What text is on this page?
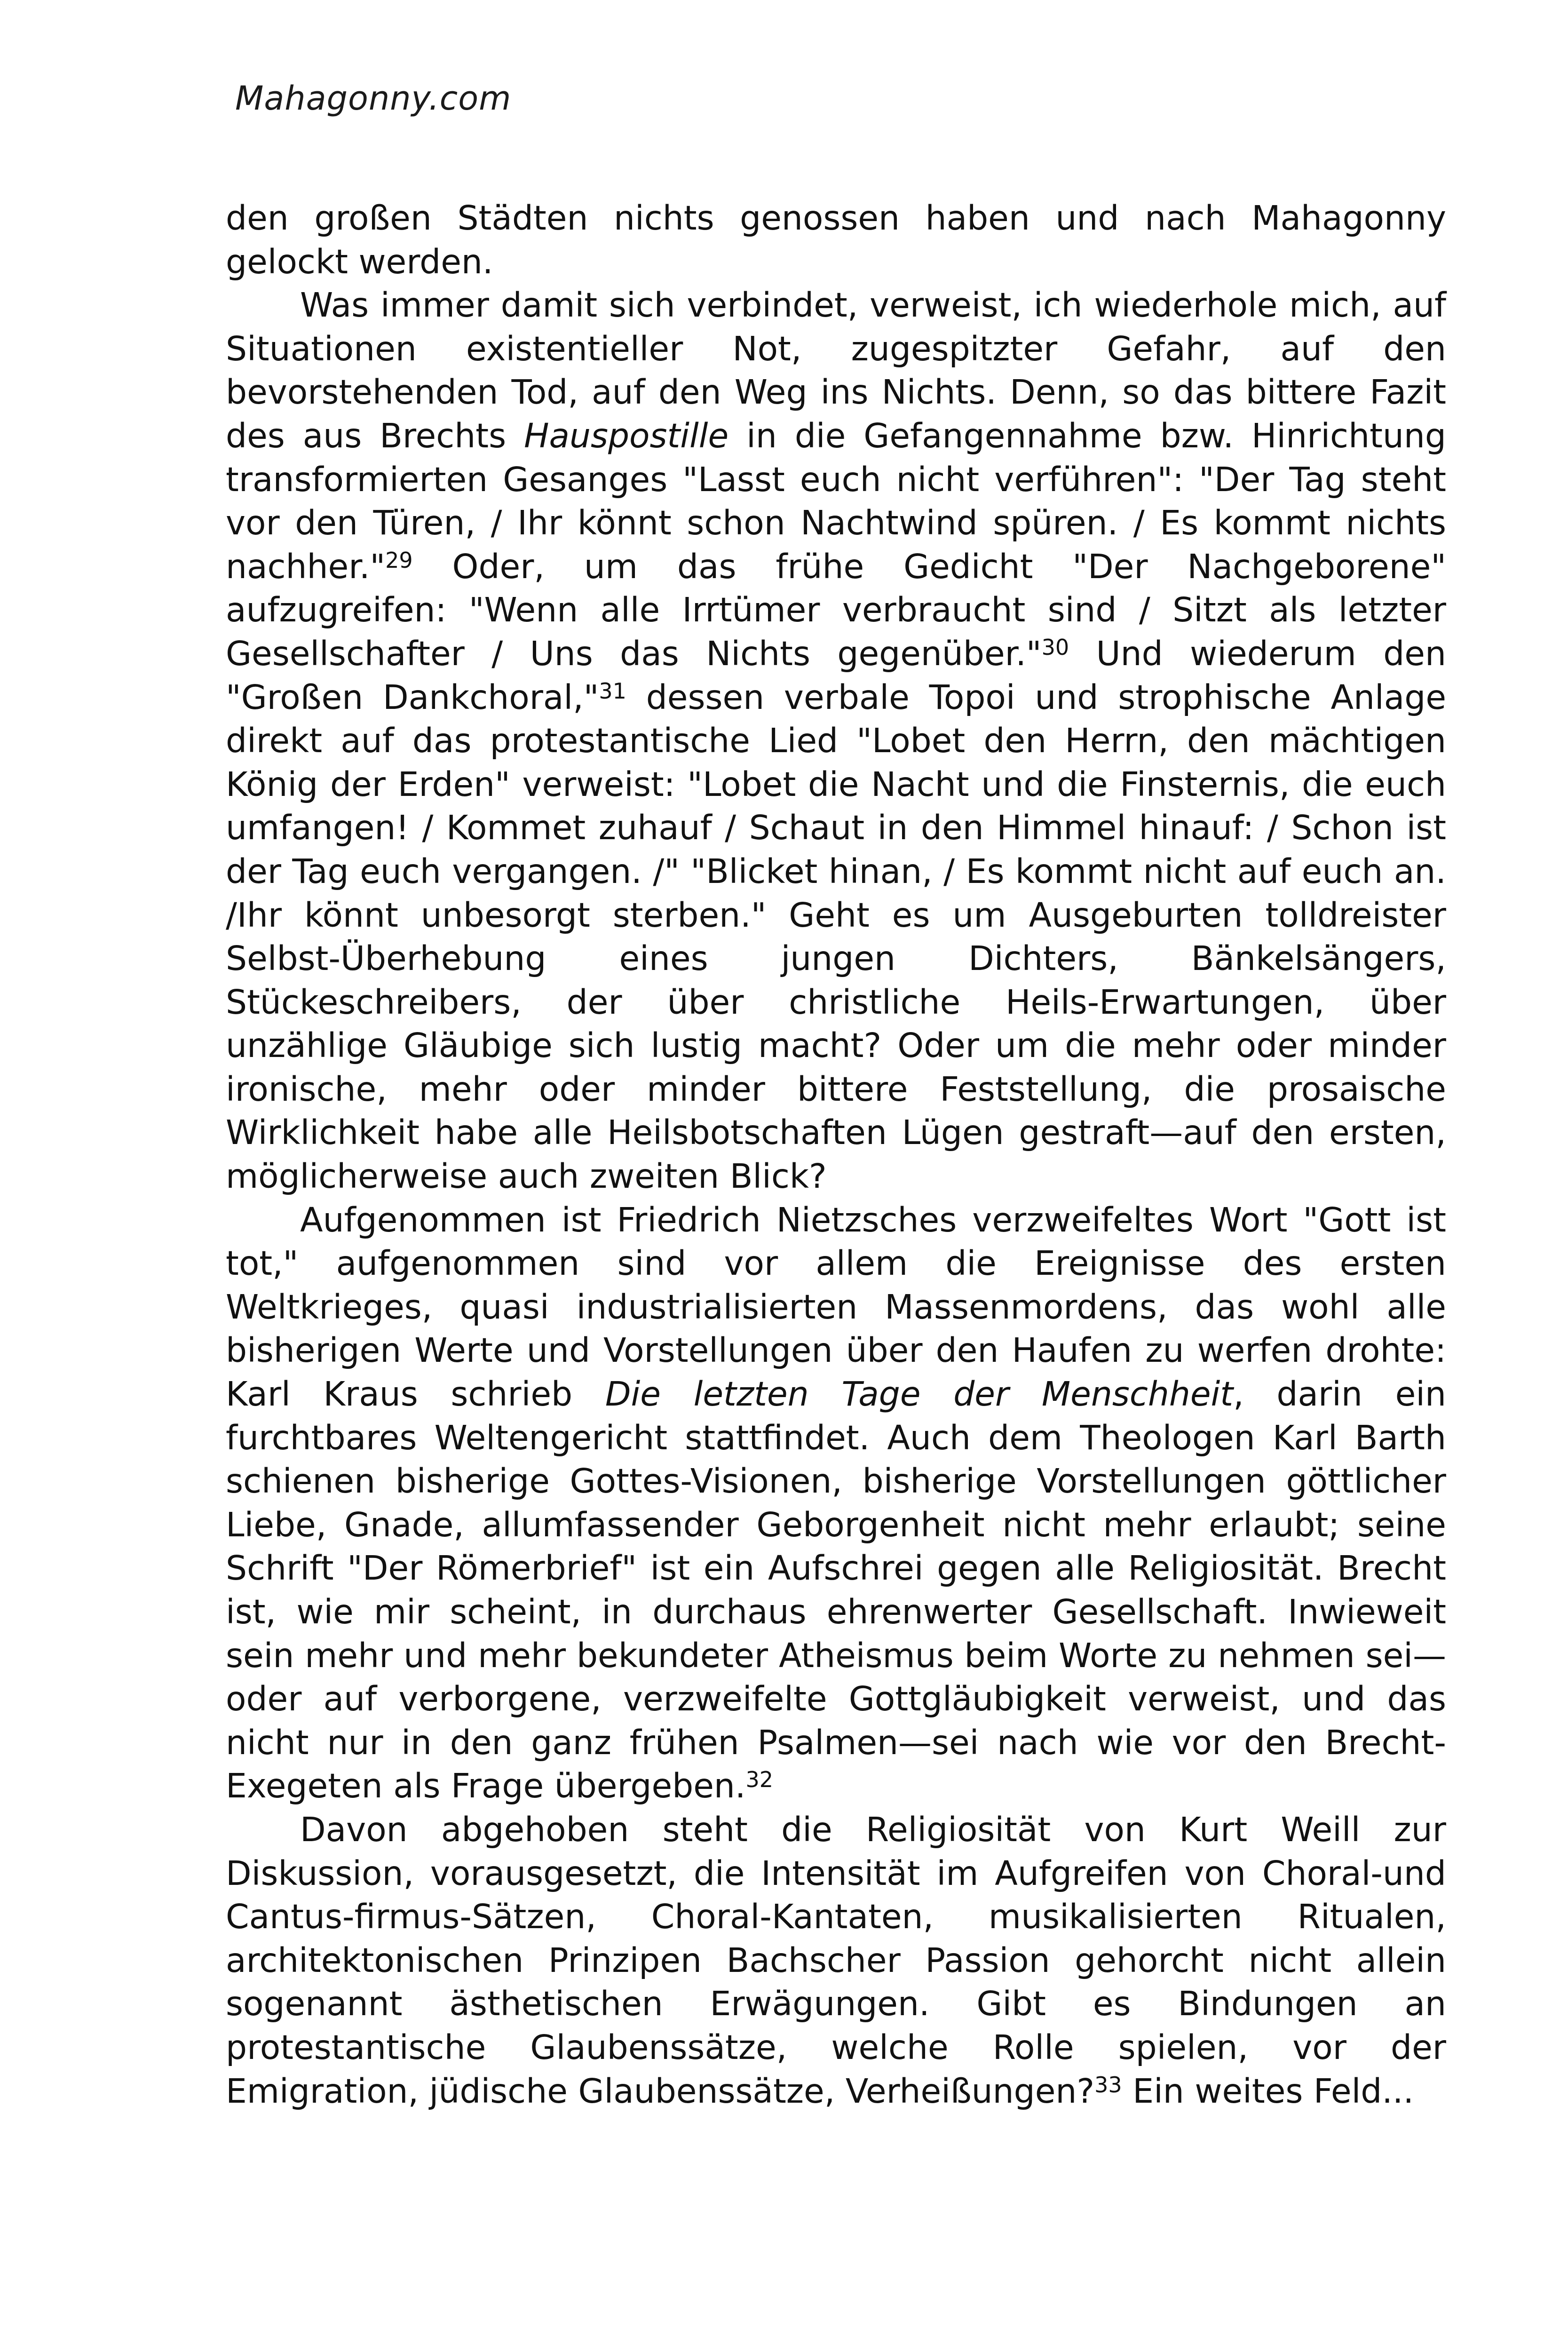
Mahagonny.com

den großen Städten nichts genossen haben und nach Mahagonny gelockt werden.

Was immer damit sich verbindet, verweist, ich wiederhole mich, auf Situationen existentieller Not, zugespitzter Gefahr, auf den bevorstehenden Tod, auf den Weg ins Nichts. Denn, so das bittere Fazit des aus Brechts Hauspostille in die Gefangennahme bzw. Hinrichtung transformierten Gesanges "Lasst euch nicht verführen": "Der Tag steht vor den Türen, / Ihr könnt schon Nachtwind spüren. / Es kommt nichts nachher."$^{29}$ Oder, um das frühe Gedicht "Der Nachgeborene" aufzugreifen: "Wenn alle Irrtümer verbraucht sind / Sitzt als letzter Gesellschafter / Uns das Nichts gegenüber."$^{30}$ Und wiederum den "Großen Dankchoral,"$^{31}$ dessen verbale Topoi und strophische Anlage direkt auf das protestantische Lied "Lobet den Herrn, den mächtigen König der Erden" verweist: "Lobet die Nacht und die Finsternis, die euch umfangen! / Kommet zuhauf / Schaut in den Himmel hinauf: / Schon ist der Tag euch vergangen. /" "Blicket hinan, / Es kommt nicht auf euch an. /Ihr könnt unbesorgt sterben." Geht es um Ausgeburten tolldreister Selbst-Überhebung eines jungen Dichters, Bänkelsängers, Stückeschreibers, der über christliche Heils-Erwartungen, über unzählige Gläubige sich lustig macht? Oder um die mehr oder minder ironische, mehr oder minder bittere Feststellung, die prosaische Wirklichkeit habe alle Heilsbotschaften Lügen gestraft—auf den ersten, möglicherweise auch zweiten Blick?

Aufgenommen ist Friedrich Nietzsches verzweifeltes Wort "Gott ist tot," aufgenommen sind vor allem die Ereignisse des ersten Weltkrieges, quasi industrialisierten Massenmordens, das wohl alle bisherigen Werte und Vorstellungen über den Haufen zu werfen drohte: Karl Kraus schrieb Die letzten Tage der Menschheit, darin ein furchtbares Weltengericht stattfindet. Auch dem Theologen Karl Barth schienen bisherige Gottes-Visionen, bisherige Vorstellungen göttlicher Liebe, Gnade, allumfassender Geborgenheit nicht mehr erlaubt; seine Schrift "Der Römerbrief" ist ein Aufschrei gegen alle Religiosität. Brecht ist, wie mir scheint, in durchaus ehrenwerter Gesellschaft. Inwieweit sein mehr und mehr bekundeter Atheismus beim Worte zu nehmen sei—oder auf verborgene, verzweifelte Gottgläubigkeit verweist, und das nicht nur in den ganz frühen Psalmen—sei nach wie vor den Brecht-Exegeten als Frage übergeben.$^{32}$

Davon abgehoben steht die Religiosität von Kurt Weill zur Diskussion, vorausgesetzt, die Intensität im Aufgreifen von Choral-und Cantus-firmus-Sätzen, Choral-Kantaten, musikalisierten Ritualen, architektonischen Prinzipen Bachscher Passion gehorcht nicht allein sogenannt ästhetischen Erwägungen. Gibt es Bindungen an protestantische Glaubenssätze, welche Rolle spielen, vor der Emigration, jüdische Glaubenssätze, Verheißungen?$^{33}$ Ein weites Feld...
